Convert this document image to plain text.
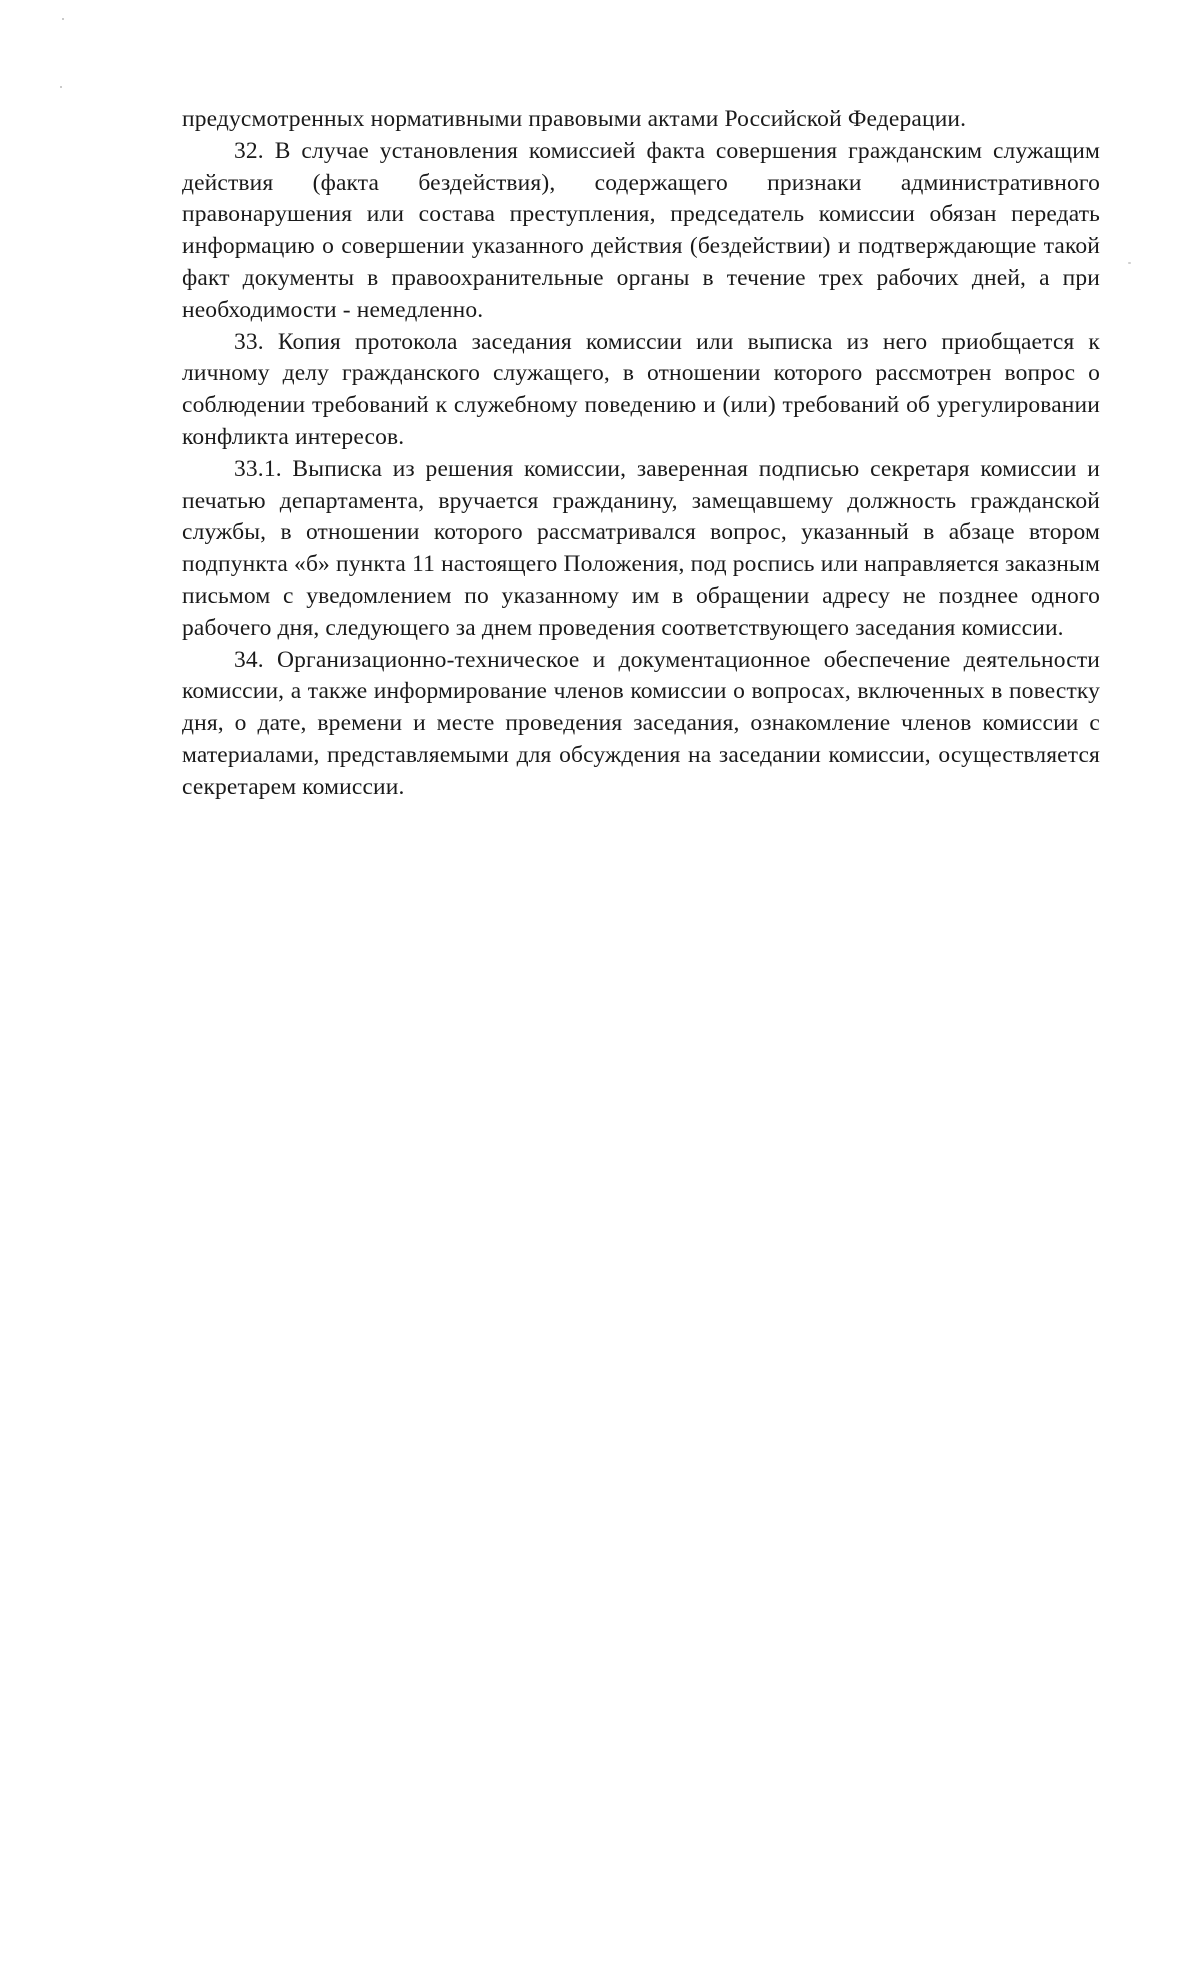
предусмотренных нормативными правовыми актами Российской Федерации.

32. В случае установления комиссией факта совершения гражданским служащим действия (факта бездействия), содержащего признаки административного правонарушения или состава преступления, председатель комиссии обязан передать информацию о совершении указанного действия (бездействии) и подтверждающие такой факт документы в правоохранительные органы в течение трех рабочих дней, а при необходимости - немедленно.

33. Копия протокола заседания комиссии или выписка из него приобщается к личному делу гражданского служащего, в отношении которого рассмотрен вопрос о соблюдении требований к служебному поведению и (или) требований об урегулировании конфликта интересов.

33.1. Выписка из решения комиссии, заверенная подписью секретаря комиссии и печатью департамента, вручается гражданину, замещавшему должность гражданской службы, в отношении которого рассматривался вопрос, указанный в абзаце втором подпункта «б» пункта 11 настоящего Положения, под роспись или направляется заказным письмом с уведомлением по указанному им в обращении адресу не позднее одного рабочего дня, следующего за днем проведения соответствующего заседания комиссии.

34. Организационно-техническое и документационное обеспечение деятельности комиссии, а также информирование членов комиссии о вопросах, включенных в повестку дня, о дате, времени и месте проведения заседания, ознакомление членов комиссии с материалами, представляемыми для обсуждения на заседании комиссии, осуществляется секретарем комиссии.
